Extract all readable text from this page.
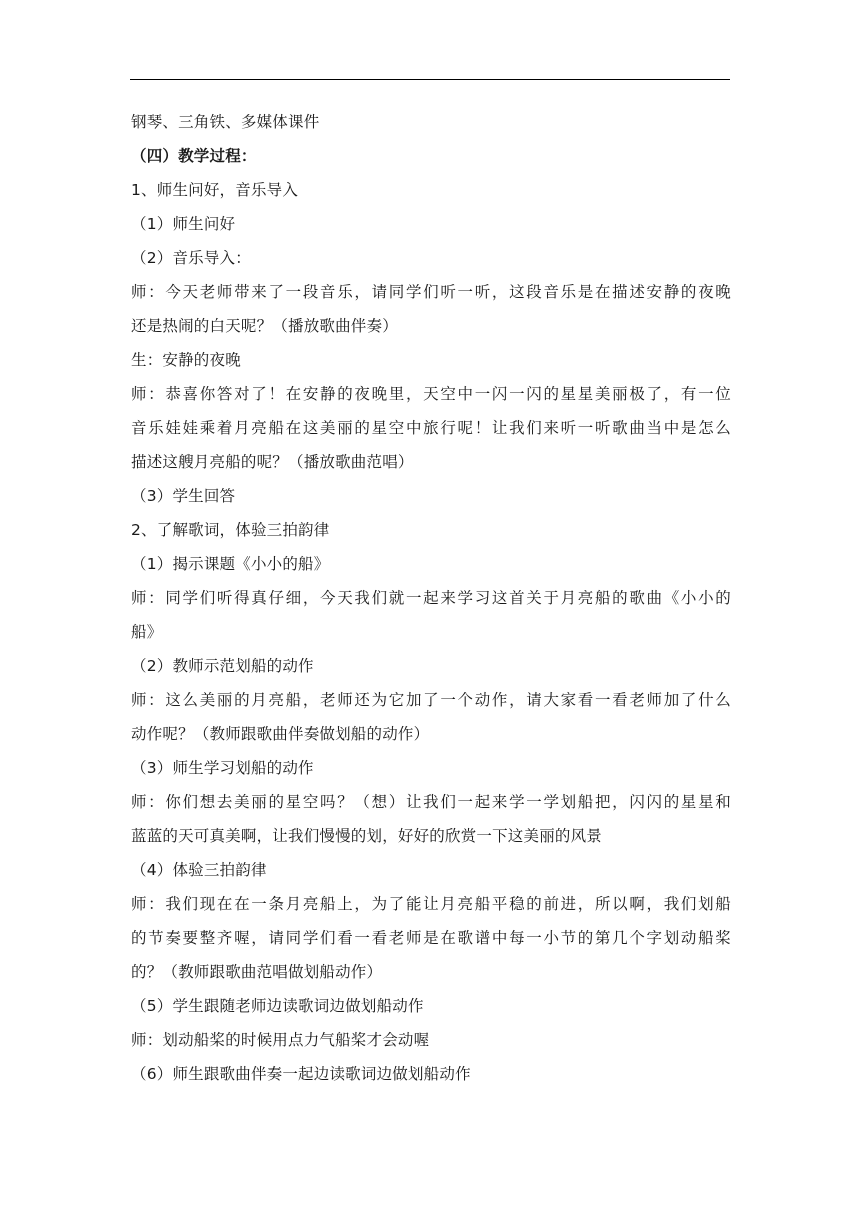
钢琴、三角铁、多媒体课件
（四）教学过程：
1、师生问好，音乐导入
（1）师生问好
（2）音乐导入：
师：今天老师带来了一段音乐，请同学们听一听，这段音乐是在描述安静的夜晚
还是热闹的白天呢？（播放歌曲伴奏）
生：安静的夜晚
师：恭喜你答对了！在安静的夜晚里，天空中一闪一闪的星星美丽极了，有一位
音乐娃娃乘着月亮船在这美丽的星空中旅行呢！让我们来听一听歌曲当中是怎么
描述这艘月亮船的呢？（播放歌曲范唱）
（3）学生回答
2、了解歌词，体验三拍韵律
（1）揭示课题《小小的船》
师：同学们听得真仔细，今天我们就一起来学习这首关于月亮船的歌曲《小小的
船》
（2）教师示范划船的动作
师：这么美丽的月亮船，老师还为它加了一个动作，请大家看一看老师加了什么
动作呢？（教师跟歌曲伴奏做划船的动作）
（3）师生学习划船的动作
师：你们想去美丽的星空吗？（想）让我们一起来学一学划船把，闪闪的星星和
蓝蓝的天可真美啊，让我们慢慢的划，好好的欣赏一下这美丽的风景
（4）体验三拍韵律
师：我们现在在一条月亮船上，为了能让月亮船平稳的前进，所以啊，我们划船
的节奏要整齐喔，请同学们看一看老师是在歌谱中每一小节的第几个字划动船桨
的？（教师跟歌曲范唱做划船动作）
（5）学生跟随老师边读歌词边做划船动作
师：划动船桨的时候用点力气船桨才会动喔
（6）师生跟歌曲伴奏一起边读歌词边做划船动作
